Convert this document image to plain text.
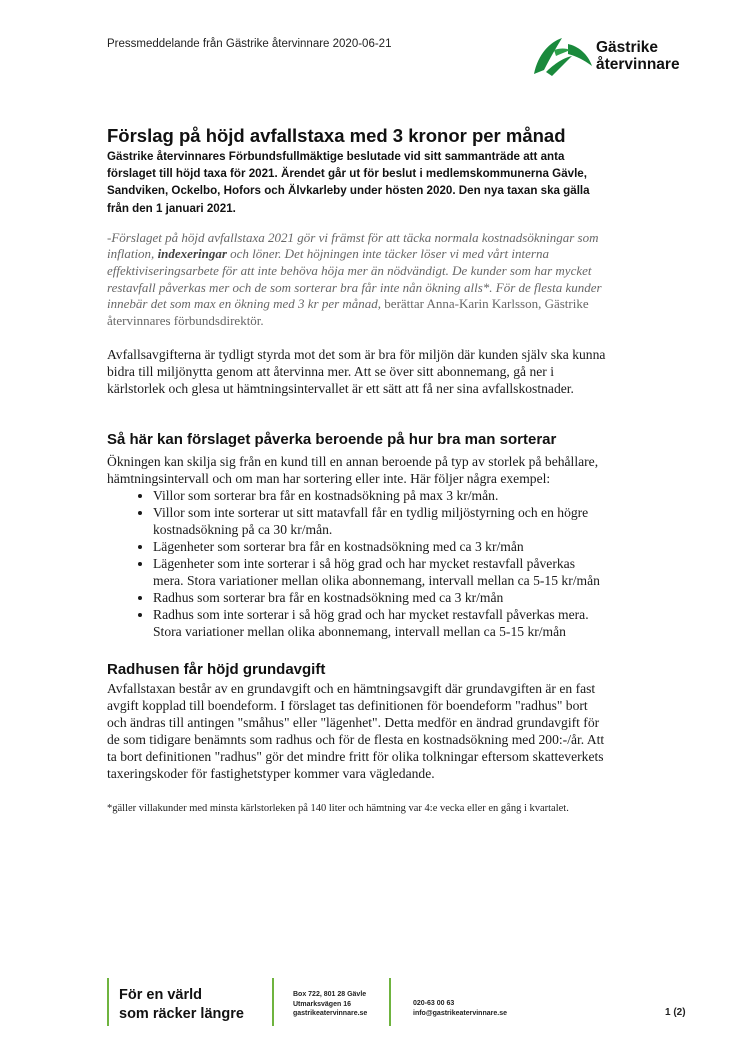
Pressmeddelande från Gästrike återvinnare 2020-06-21	Gästrike
återvinnare
Förslag på höjd avfallstaxa med 3 kronor per månad

Gästrike återvinnares Förbundsfullmäktige beslutade vid sitt sammanträde att anta förslaget till höjd taxa för 2021. Ärendet går ut för beslut i medlemskommunerna Gävle, Sandviken, Ockelbo, Hofors och Älvkarleby under hösten 2020. Den nya taxan ska gälla från den 1 januari 2021.

-Förslaget på höjd avfallstaxa 2021 gör vi främst för att täcka normala kostnadsökningar som inflation, indexeringar och löner. Det höjningen inte täcker löser vi med vårt interna effektiviseringsarbete för att inte behöva höja mer än nödvändigt. De kunder som har mycket restavfall påverkas mer och de som sorterar bra får inte nån ökning alls*. För de flesta kunder innebär det som max en ökning med 3 kr per månad, berättar Anna-Karin Karlsson, Gästrike återvinnares förbundsdirektör.

Avfallsavgifterna är tydligt styrda mot det som är bra för miljön där kunden själv ska kunna bidra till miljönytta genom att återvinna mer. Att se över sitt abonnemang, gå ner i kärlstorlek och glesa ut hämtningsintervallet är ett sätt att få ner sina avfallskostnader.

Så här kan förslaget påverka beroende på hur bra man sorterar

Ökningen kan skilja sig från en kund till en annan beroende på typ av storlek på behållare, hämtningsintervall och om man har sortering eller inte. Här följer några exempel:

• Villor som sorterar bra får en kostnadsökning på max 3 kr/mån.
• Villor som inte sorterar ut sitt matavfall får en tydlig miljöstyrning och en högre kostnadsökning på ca 30 kr/mån.
• Lägenheter som sorterar bra får en kostnadsökning med ca 3 kr/mån
• Lägenheter som inte sorterar i så hög grad och har mycket restavfall påverkas mera. Stora variationer mellan olika abonnemang, intervall mellan ca 5-15 kr/mån
• Radhus som sorterar bra får en kostnadsökning med ca 3 kr/mån
• Radhus som inte sorterar i så hög grad och har mycket restavfall påverkas mera. Stora variationer mellan olika abonnemang, intervall mellan ca 5-15 kr/mån
Radhusen får höjd grundavgift

Avfallstaxan består av en grundavgift och en hämtningsavgift där grundavgiften är en fast avgift kopplad till boendeform. I förslaget tas definitionen för boendeform "radhus" bort och ändras till antingen "småhus" eller "lägenhet". Detta medför en ändrad grundavgift för de som tidigare benämnts som radhus och för de flesta en kostnadsökning med 200:-/år. Att ta bort definitionen "radhus" gör det mindre fritt för olika tolkningar eftersom skatteverkets taxeringskoder för fastighetstyper kommer vara vägledande.

*gäller villakunder med minsta kärlstorleken på 140 liter och hämtning var 4:e vecka eller en gång i kvartalet.

För en värld
som räcker längre
Box 722, 801 28 Gävle
Utmarksvägen 16
gastrikeatervinnare.se
020-63 00 63
info@gastrikeatervinnare.se	1 (2)
